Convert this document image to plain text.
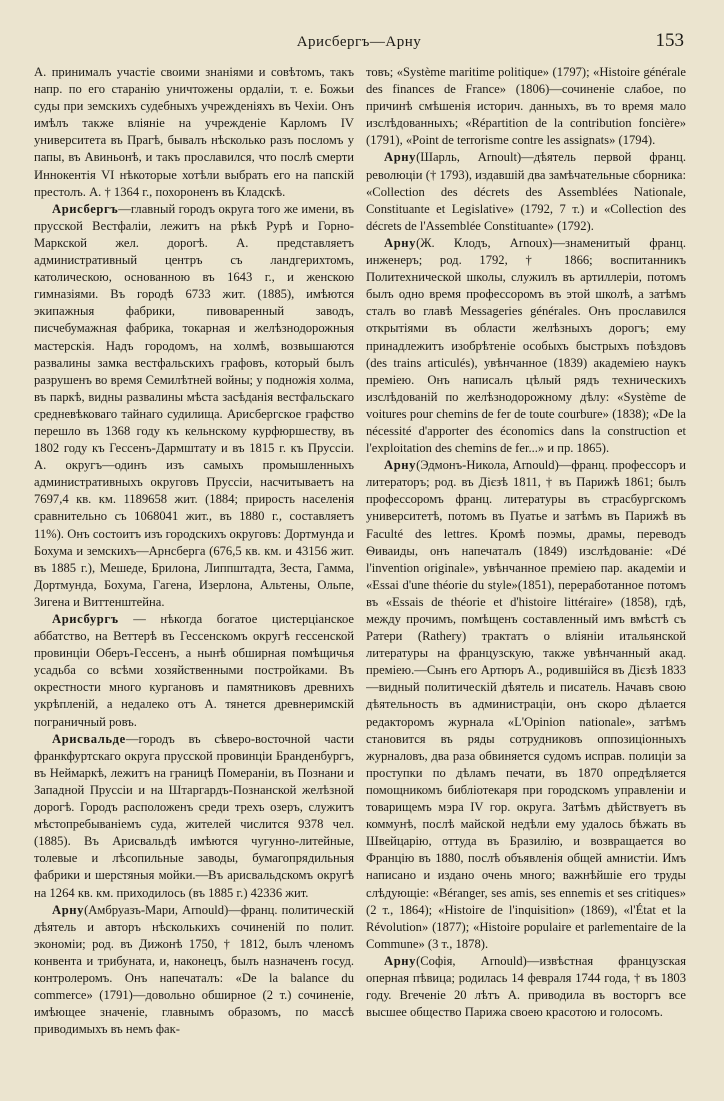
Арисбергъ—Арну	153

А. принималъ участіе своими знаніями и совѣтомъ, такъ напр. по его старанію уничтожены ордаліи, т. е. Божьи суды при земскихъ судебныхъ учрежденіяхъ въ Чехіи. Онъ имѣлъ также вліяніе на учрежденіе Карломъ IV университета въ Прагѣ, бывалъ нѣсколько разъ посломъ у папы, въ Авиньонѣ, и такъ прославился, что послѣ смерти Иннокентія VI нѣкоторые хотѣли выбрать его на папскій престолъ. А. † 1364 г., похороненъ въ Кладскѣ.

Арисбергъ—главный городъ округа того же имени, въ прусской Вестфаліи, лежитъ на рѣкѣ Рурѣ и Горно-Маркской жел. дорогѣ. А. представляетъ административный центръ съ ландгерихтомъ, католическою, основанною въ 1643 г., и женскою гимназіями. Въ городѣ 6733 жит. (1885), имѣются экипажныя фабрики, пивоваренный заводъ, писчебумажная фабрика, токарная и желѣзнодорожныя мастерскія. Надъ городомъ, на холмѣ, возвышаются развалины замка вестфальскихъ графовъ, который былъ разрушенъ во время Семилѣтней войны; у подножія холма, въ паркѣ, видны развалины мѣста засѣданія вестфальскаго средневѣковаго тайнаго судилища. Арисбергское графство перешло въ 1368 году къ кельнскому курфюршеству, въ 1802 году къ Гессенъ-Дармштату и въ 1815 г. къ Пруссіи. А. округъ—одинъ изъ самыхъ промышленныхъ административныхъ округовъ Пруссіи, насчитываетъ на 7697,4 кв. км. 1189658 жит. (1884; прирость населенія сравнительно съ 1068041 жит., въ 1880 г., составляетъ 11%). Онъ состоитъ изъ городскихъ округовъ: Дортмунда и Бохума и земскихъ—Арнсберга (676,5 кв. км. и 43156 жит. въ 1885 г.), Мешеде, Брилона, Липпштадта, Зеста, Гамма, Дортмунда, Бохума, Гагена, Изерлона, Альтены, Ольпе, Зигена и Виттенштейна.

Арисбургъ — нѣкогда богатое цистерціанское аббатство, на Веттерѣ въ Гессенскомъ округѣ гессенской провинціи Оберъ-Гессенъ, а нынѣ обширная помѣщичья усадьба со всѣми хозяйственными постройками. Въ окрестности много кургановъ и памятниковъ древнихъ укрѣпленій, а недалеко отъ А. тянется древнеримскій пограничный ровъ.

Арисвальде—городъ въ сѣверо-восточной части франкфуртскаго округа прусской провинціи Бранденбургъ, въ Неймаркѣ, лежитъ на границѣ Помераніи, въ Познани и Западной Пруссіи и на Штаргардъ-Познанской желѣзной дорогѣ. Городъ расположенъ среди трехъ озеръ, служитъ мѣстопребываніемъ суда, жителей числится 9378 чел. (1885). Въ Арисвальдѣ имѣются чугунно-литейные, толевые и лѣсопильные заводы, бумагопрядильныя фабрики и шерстяныя мойки.—Въ арисвальдскомъ округѣ на 1264 кв. км. приходилось (въ 1885 г.) 42336 жит.

Арну(Амбруазъ-Мари, Arnould)—франц. политическій дѣятель и авторъ нѣсколькихъ сочиненій по полит. экономіи; род. въ Дижонѣ 1750, † 1812, былъ членомъ конвента и трибуната, и, наконецъ, былъ назначенъ госуд. контролеромъ. Онъ напечаталъ: «De la balance du commerce» (1791)—довольно обширное (2 т.) сочиненіе, имѣющее значеніе, главнымъ образомъ, по массѣ приводимыхъ въ немъ фак-

товъ; «Système maritime politique» (1797); «Histoire générale des finances de France» (1806)—сочиненіе слабое, по причинѣ смѣшенія историч. данныхъ, въ то время мало изслѣдованныхъ; «Répartition de la contribution foncière» (1791), «Point de terrorisme contre les assignats» (1794).

Арну(Шарль, Arnoult)—дѣятель первой франц. революціи († 1793), издавшій два замѣчательные сборника: «Collection des décrets des Assemblées Nationale, Constituante et Legislative» (1792, 7 т.) и «Collection des décrets de l'Assemblée Constituante» (1792).

Арну(Ж. Клодъ, Arnoux)—знаменитый франц. инженеръ; род. 1792, † 1866; воспитанникъ Политехнической школы, служилъ въ артиллеріи, потомъ былъ одно время профессоромъ въ этой школѣ, а затѣмъ сталъ во главѣ Messageries générales. Онъ прославился открытіями въ области желѣзныхъ дорогъ; ему принадлежитъ изобрѣтеніе особыхъ быстрыхъ поѣздовъ (des trains articulés), увѣнчанное (1839) академіею наукъ преміею. Онъ написалъ цѣлый рядъ техническихъ изслѣдованій по желѣзнодорожному дѣлу: «Système de voitures pour chemins de fer de toute courbure» (1838); «De la nécessité d'apporter des économics dans la construction et l'exploitation des chemins de fer...» и пр. 1865).

Арну(Эдмонъ-Никола, Arnould)—франц. профессоръ и литераторъ; род. въ Дієзѣ 1811, † въ Парижѣ 1861; былъ профессоромъ франц. литературы въ страсбургскомъ университетѣ, потомъ въ Пуатье и затѣмъ въ Парижѣ въ Faculté des lettres. Кромѣ поэмы, драмы, переводъ Ѳиваиды, онъ напечаталъ (1849) изслѣдованіе: «Dé l'invention originale», увѣнчанное преміею пар. академіи и «Essai d'une théorie du style»(1851), переработанное потомъ въ «Essais de théorie et d'histoire littéraire» (1858), гдѣ, между прочимъ, помѣщенъ составленный имъ вмѣстѣ съ Ратери (Rathery) трактатъ о вліяніи итальянской литературы на французскую, также увѣнчанный акад. преміею.—Сынъ его Артюръ А., родившійся въ Дієзѣ 1833—видный политическій дѣятель и писатель. Начавъ свою дѣятельность въ администраціи, онъ скоро дѣлается редакторомъ журнала «L'Opinion nationale», затѣмъ становится въ ряды сотрудниковъ оппозиціонныхъ журналовъ, два раза обвиняется судомъ исправ. полиціи за проступки по дѣламъ печати, въ 1870 опредѣляется помощникомъ библіотекаря при городскомъ управленіи и товарищемъ мэра IV гор. округа. Затѣмъ дѣйствуетъ въ коммунѣ, послѣ майской недѣли ему удалось бѣжать въ Швейцарію, оттуда въ Бразилію, и возвращается во Францію въ 1880, послѣ объявленія общей амнистіи. Имъ написано и издано очень много; важнѣйшіе его труды слѣдующіе: «Béranger, ses amis, ses ennemis et ses critiques» (2 т., 1864); «Histoire de l'inquisition» (1869), «l'État et la Révolution» (1877); «Histoire populaire et parlementaire de la Commune» (3 т., 1878).

Арну(Софія, Arnould)—извѣстная французская оперная пѣвица; родилась 14 февраля 1744 года, † въ 1803 году. Вгеченіе 20 лѣтъ А. приводила въ восторгъ все высшее общество Парижа своею красотою и голосомъ.
